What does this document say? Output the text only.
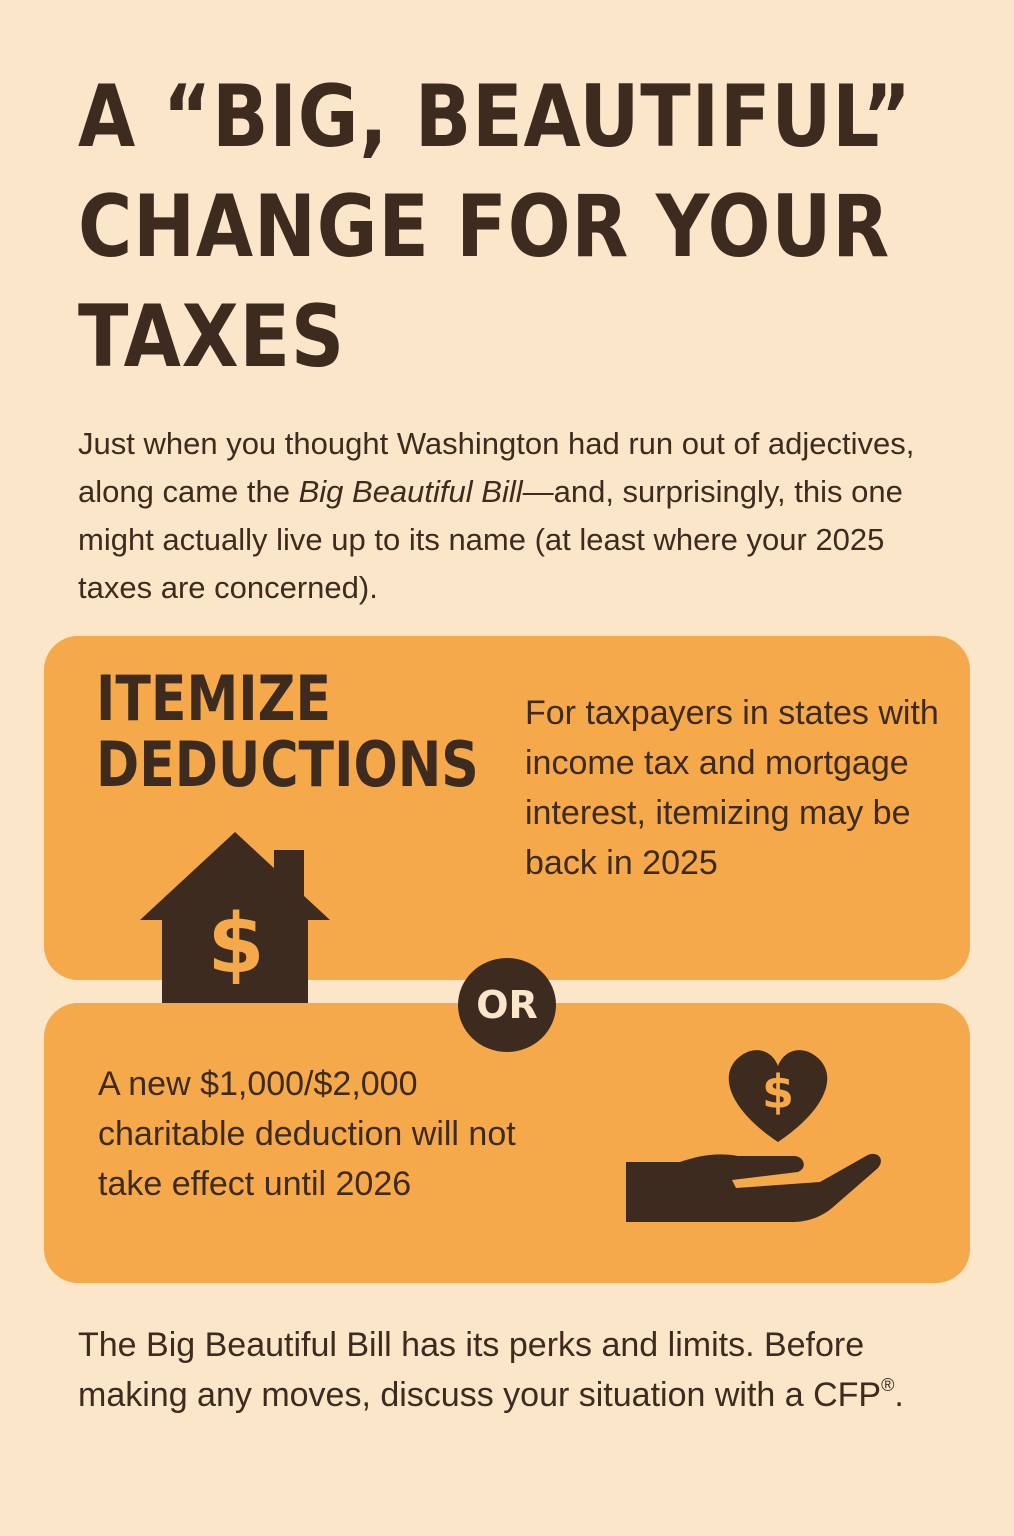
A “BIG, BEAUTIFUL”
CHANGE FOR YOUR
TAXES

Just when you thought Washington had run out of adjectives, along came the Big Beautiful Bill—and, surprisingly, this one might actually live up to its name (at least where your 2025 taxes are concerned).

ITEMIZE
DEDUCTIONS

For taxpayers in states with income tax and mortgage interest, itemizing may be back in 2025

$

A new $1,000/$2,000 charitable deduction will not take effect until 2026

OR
$

The Big Beautiful Bill has its perks and limits. Before making any moves, discuss your situation with a CFP®.
